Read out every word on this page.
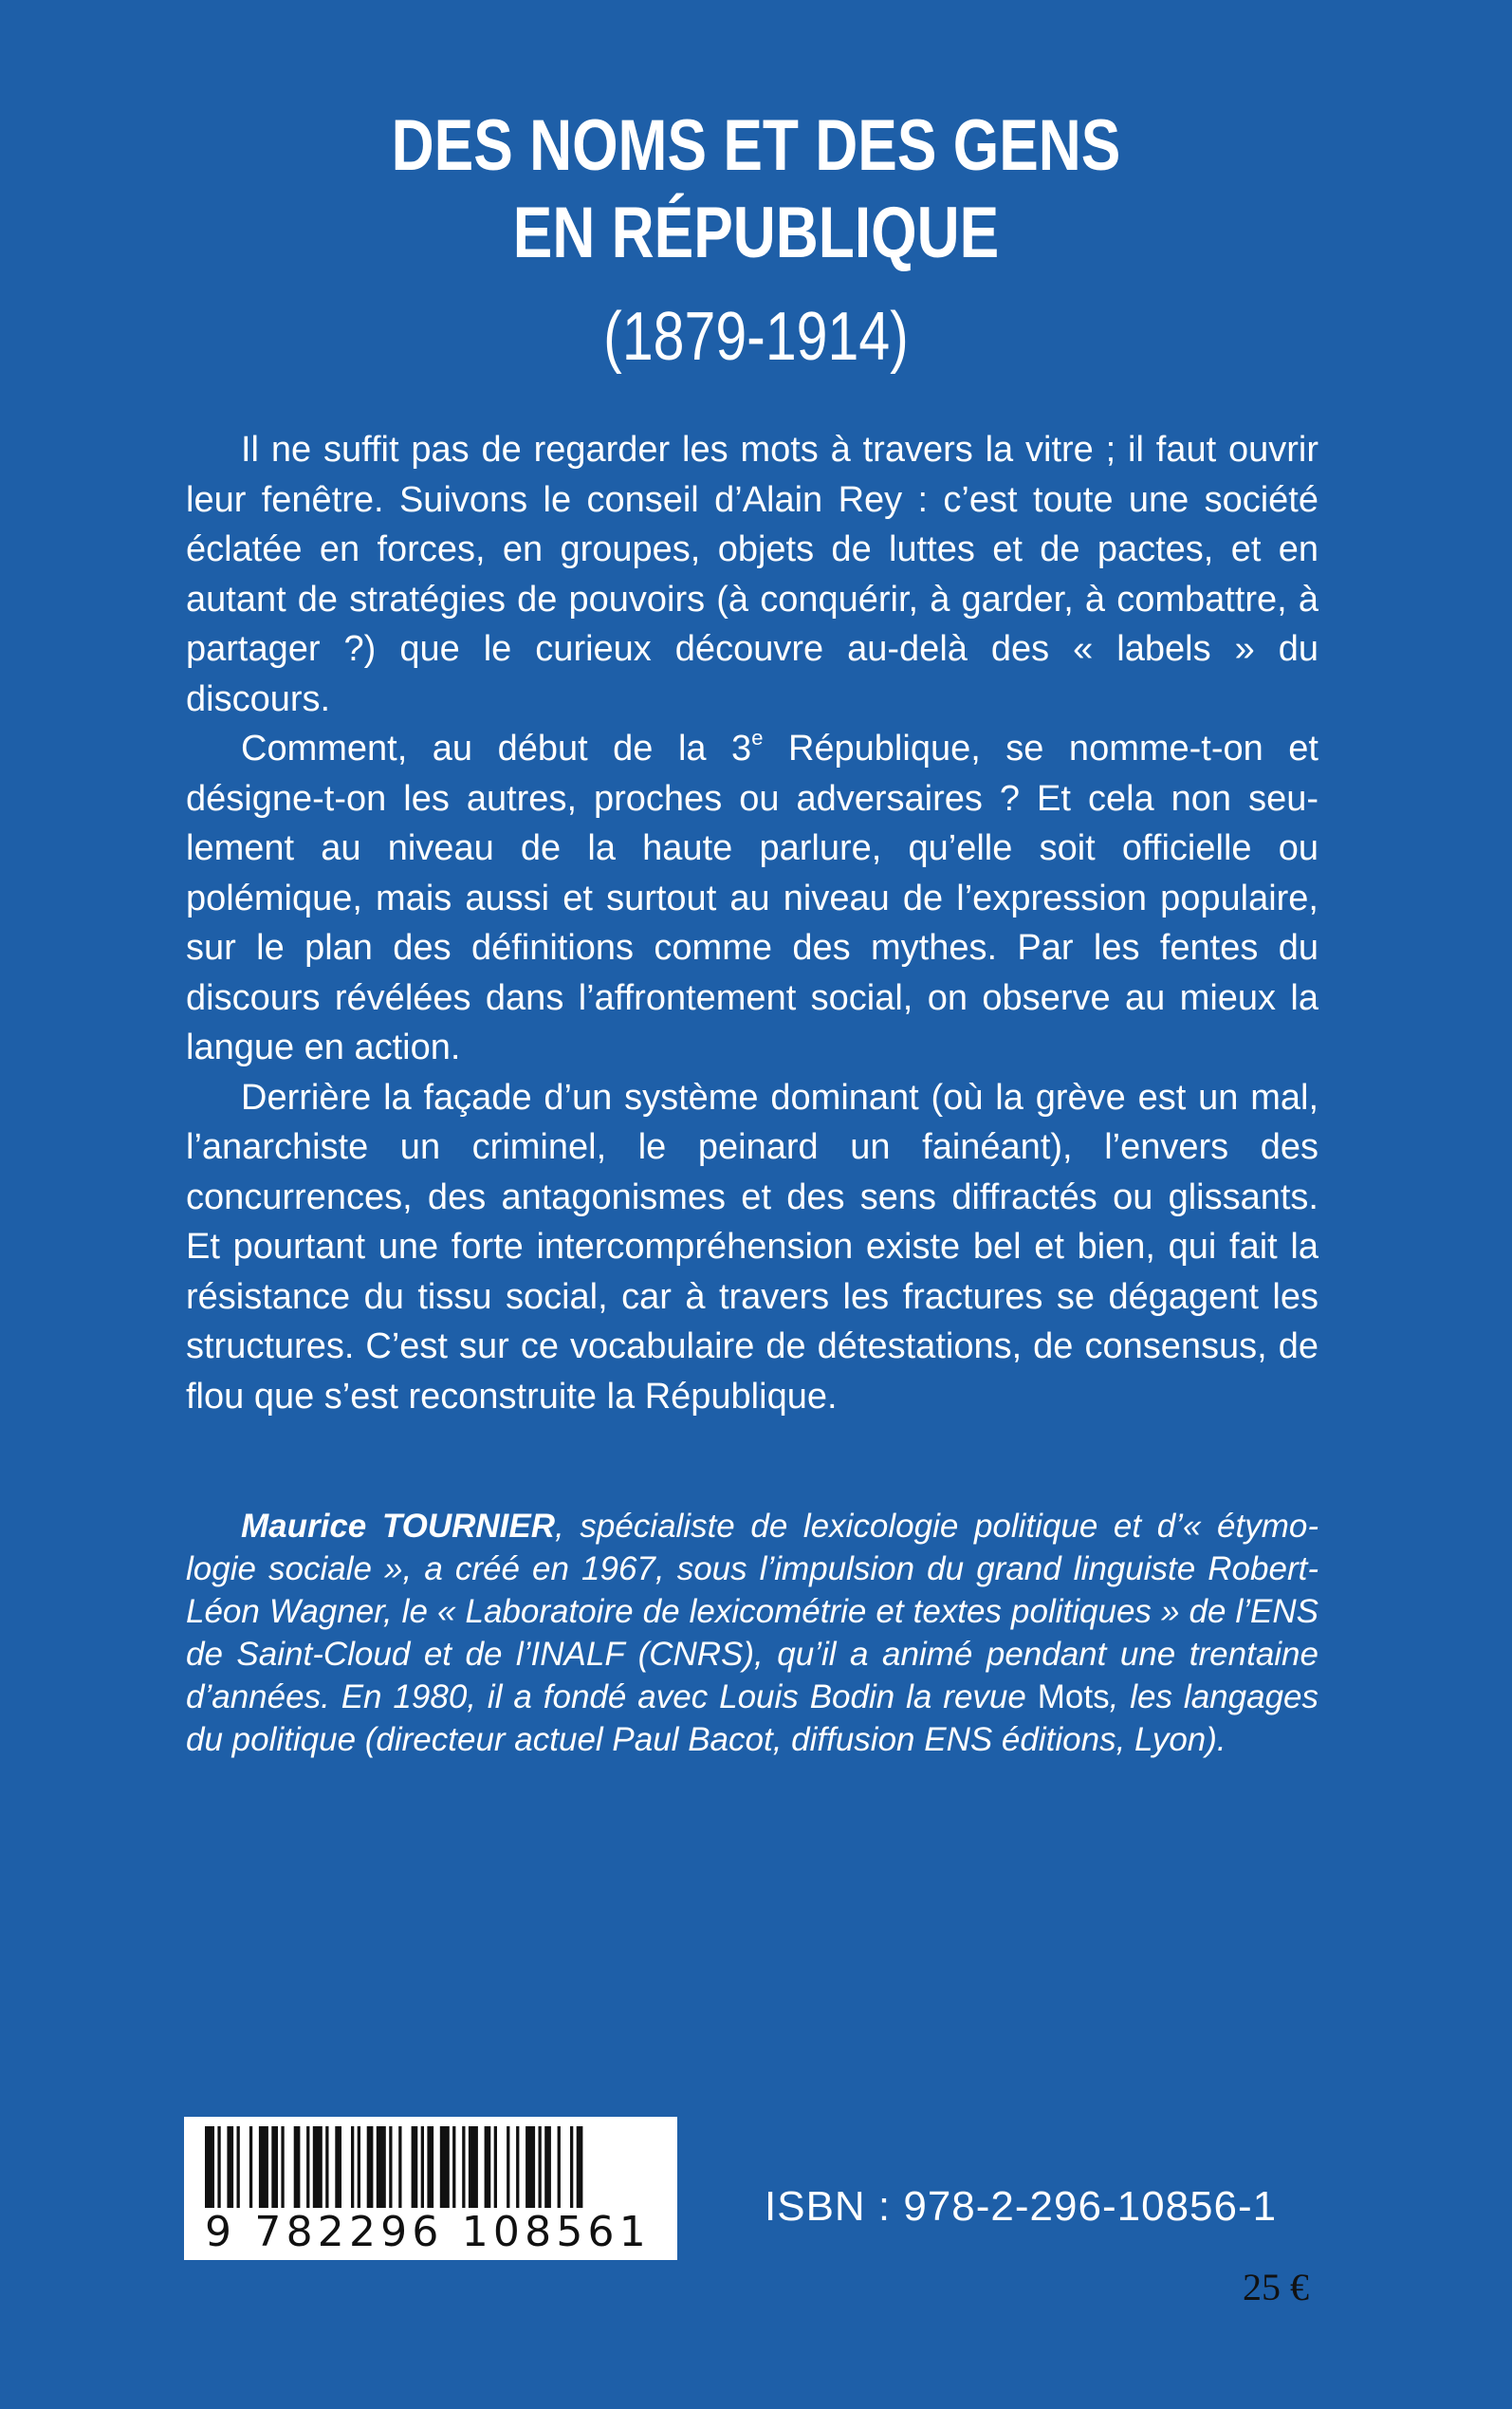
DES NOMS ET DES GENS
EN RÉPUBLIQUE
(1879-1914)

Il ne suffit pas de regarder les mots à travers la vitre ; il faut ouvrir leur fenêtre. Suivons le conseil d’Alain Rey : c’est toute une société éclatée en forces, en groupes, objets de luttes et de pactes, et en autant de stratégies de pouvoirs (à conquérir, à garder, à combattre, à partager ?) que le curieux découvre au-delà des « labels » du discours.

Comment, au début de la 3e République, se nomme-t-on et désigne-t-on les autres, proches ou adversaires ? Et cela non seulement au niveau de la haute parlure, qu’elle soit officielle ou polémique, mais aussi et surtout au niveau de l’expression populaire, sur le plan des définitions comme des mythes. Par les fentes du discours révélées dans l’affrontement social, on observe au mieux la langue en action.

Derrière la façade d’un système dominant (où la grève est un mal, l’anarchiste un criminel, le peinard un fainéant), l’envers des concurrences, des antagonismes et des sens diffractés ou glissants. Et pourtant une forte intercompréhension existe bel et bien, qui fait la résistance du tissu social, car à travers les fractures se dégagent les structures. C’est sur ce vocabulaire de détestations, de consensus, de flou que s’est reconstruite la République.

Maurice TOURNIER, spécialiste de lexicologie politique et d’« étymologie sociale », a créé en 1967, sous l’impulsion du grand linguiste Robert-Léon Wagner, le « Laboratoire de lexicométrie et textes politiques » de l’ENS de Saint-Cloud et de l’INALF (CNRS), qu’il a animé pendant une trentaine d’années. En 1980, il a fondé avec Louis Bodin la revue Mots, les langages du politique (directeur actuel Paul Bacot, diffusion ENS éditions, Lyon).
9 782296 108561
ISBN : 978-2-296-10856-1
25 €
